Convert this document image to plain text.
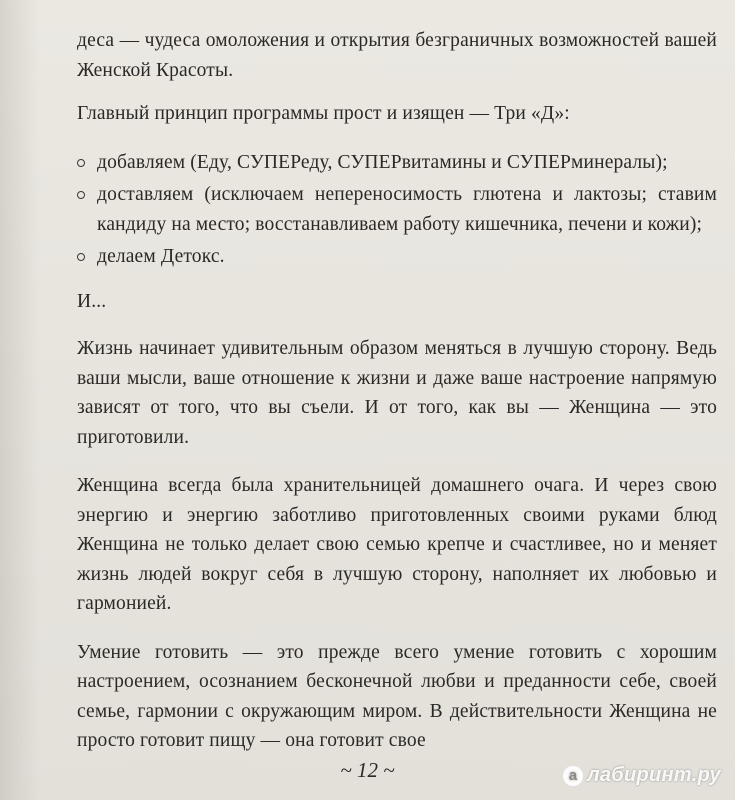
деса — чудеса омоложения и открытия безграничных возможностей вашей Женской Красоты.

Главный принцип программы прост и изящен — Три «Д»:

добавляем (Еду, СУПЕРеду, СУПЕРвитамины и СУПЕРминералы);
доставляем (исключаем непереносимость глютена и лактозы; ставим кандиду на место; восстанавливаем работу кишечника, печени и кожи);
делаем Детокс.

И...

Жизнь начинает удивительным образом меняться в лучшую сторону. Ведь ваши мысли, ваше отношение к жизни и даже ваше настроение напрямую зависят от того, что вы съели. И от того, как вы — Женщина — это приготовили.

Женщина всегда была хранительницей домашнего очага. И через свою энергию и энергию заботливо приготовленных своими руками блюд Женщина не только делает свою семью крепче и счастливее, но и меняет жизнь людей вокруг себя в лучшую сторону, наполняет их любовью и гармонией.

Умение готовить — это прежде всего умение готовить с хорошим настроением, осознанием бесконечной любви и преданности себе, своей семье, гармонии с окружающим миром. В действительности Женщина не просто готовит пищу — она готовит свое

~ 12 ~	a лабиринт.ру
